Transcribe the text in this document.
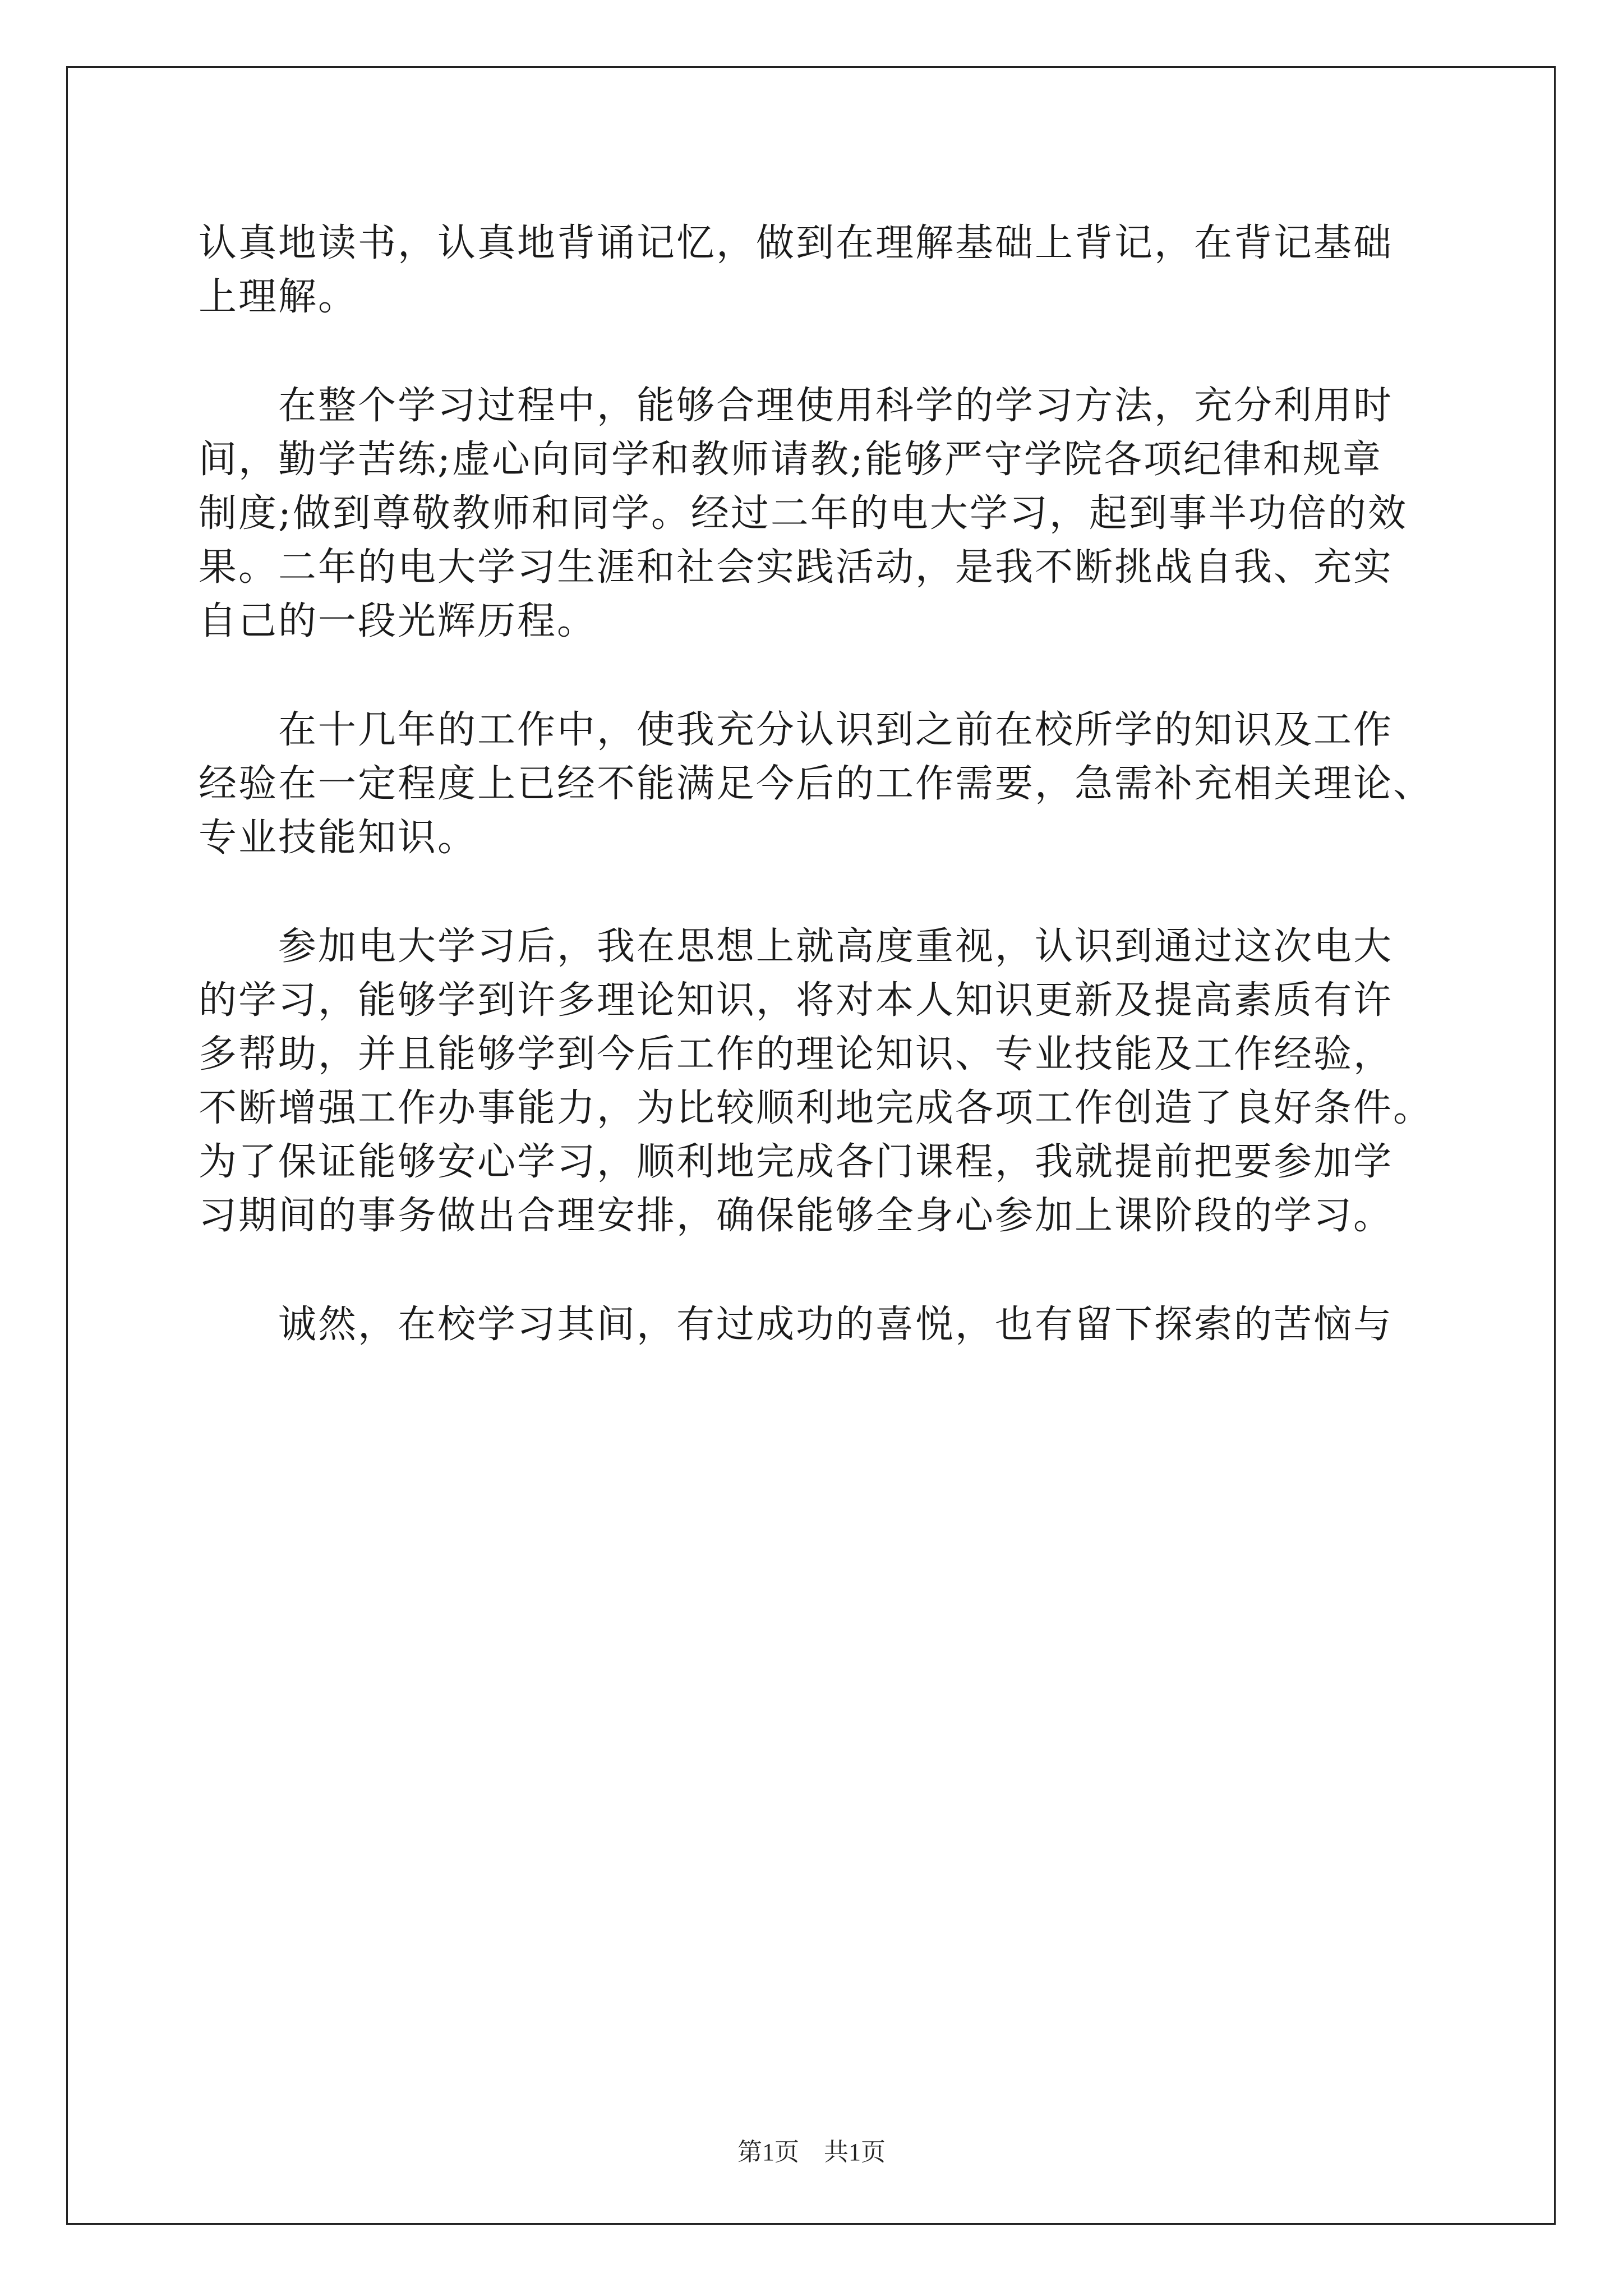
认真地读书，认真地背诵记忆，做到在理解基础上背记，在背记基础
上理解。
　　在整个学习过程中，能够合理使用科学的学习方法，充分利用时
间，勤学苦练;虚心向同学和教师请教;能够严守学院各项纪律和规章
制度;做到尊敬教师和同学。经过二年的电大学习，起到事半功倍的效
果。二年的电大学习生涯和社会实践活动，是我不断挑战自我、充实
自己的一段光辉历程。
　　在十几年的工作中，使我充分认识到之前在校所学的知识及工作
经验在一定程度上已经不能满足今后的工作需要，急需补充相关理论、
专业技能知识。
　　参加电大学习后，我在思想上就高度重视，认识到通过这次电大
的学习，能够学到许多理论知识，将对本人知识更新及提高素质有许
多帮助，并且能够学到今后工作的理论知识、专业技能及工作经验，
不断增强工作办事能力，为比较顺利地完成各项工作创造了良好条件。
为了保证能够安心学习，顺利地完成各门课程，我就提前把要参加学
习期间的事务做出合理安排，确保能够全身心参加上课阶段的学习。
　　诚然，在校学习其间，有过成功的喜悦，也有留下探索的苦恼与
第1页 共1页
